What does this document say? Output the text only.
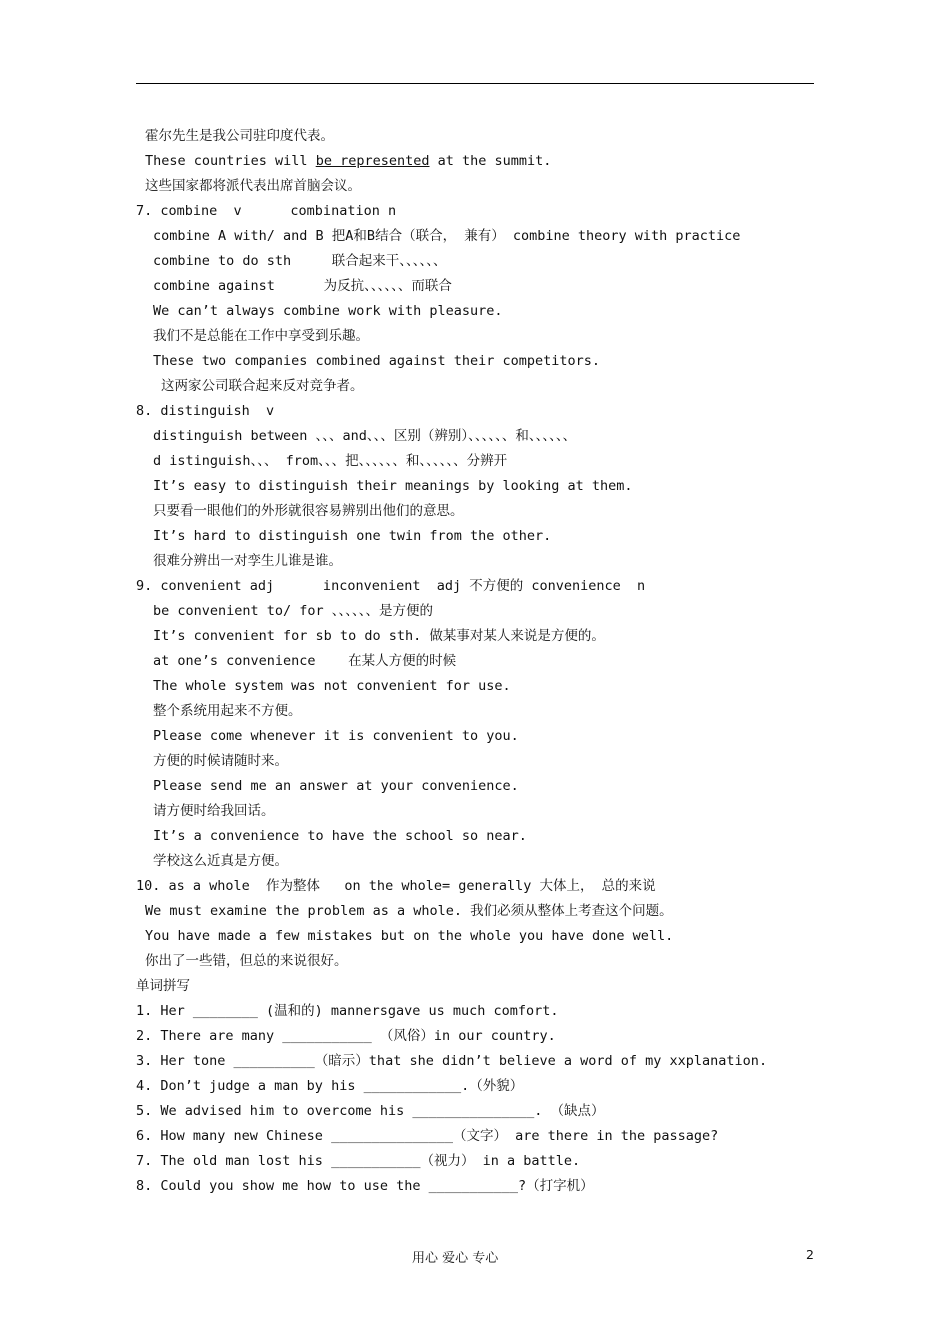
霍尔先生是我公司驻印度代表。
These countries will be represented at the summit.
这些国家都将派代表出席首脑会议。
7. combine  v      combination n
combine A with/ and B 把A和B结合（联合， 兼有） combine theory with practice
combine to do sth     联合起来干、、、、、、
combine against      为反抗、、、、、、而联合
We can’t always combine work with pleasure.
我们不是总能在工作中享受到乐趣。
These two companies combined against their competitors.
这两家公司联合起来反对竞争者。
8. distinguish  v
distinguish between 、、、and、、、区别（辨别）、、、、、、和、、、、、、
d istinguish、、、 from、、、把、、、、、、和、、、、、、分辨开
It’s easy to distinguish their meanings by looking at them.
只要看一眼他们的外形就很容易辨别出他们的意思。
It’s hard to distinguish one twin from the other.
很难分辨出一对孪生儿谁是谁。
9. convenient adj      inconvenient  adj 不方便的 convenience  n
be convenient to/ for 、、、、、、是方便的
It’s convenient for sb to do sth. 做某事对某人来说是方便的。
at one’s convenience    在某人方便的时候
The whole system was not convenient for use.
整个系统用起来不方便。
Please come whenever it is convenient to you.
方便的时候请随时来。
Please send me an answer at your convenience.
请方便时给我回话。
It’s a convenience to have the school so near.
学校这么近真是方便。
10. as a whole  作为整体   on the whole= generally 大体上， 总的来说
We must examine the problem as a whole. 我们必须从整体上考查这个问题。
You have made a few mistakes but on the whole you have done well.
你出了一些错，但总的来说很好。
单词拼写
1. Her ________ (温和的) mannersgave us much comfort.
2. There are many ___________ （风俗）in our country.
3. Her tone __________（暗示）that she didn’t believe a word of my xxplanation.
4. Don’t judge a man by his ____________.（外貌）
5. We advised him to overcome his _______________. （缺点）
6. How many new Chinese _______________（文字） are there in the passage?
7. The old man lost his ___________（视力） in a battle.
8. Could you show me how to use the ___________?（打字机）
用心 爱心 专心	2
